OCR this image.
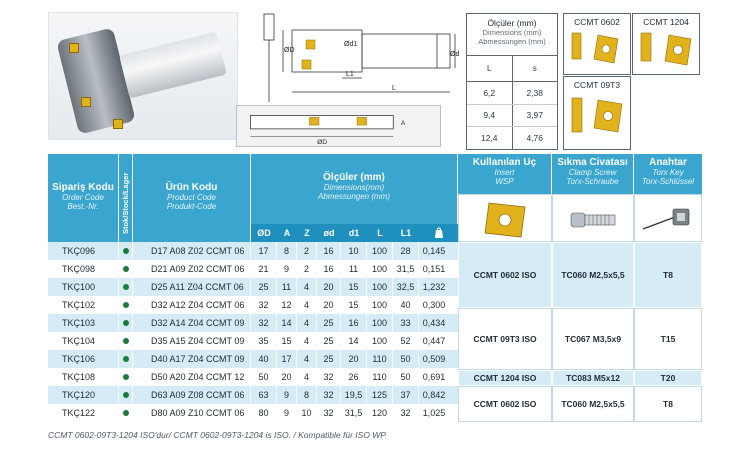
ØD
Ød1
Ød
L1
L
A
ØD
Ölçüler (mm)
Dimensions (mm)
Abmessungen (mm)
L	s
6,2	2,38
9,4	3,97
12,4	4,76
CCMT 0602	CCMT 1204
CCMT 09T3
Sipariş Kodu
Order Code
Best.-Nr.	Stok/Stock/Lager	Ürün Kodu
Product Code
Produkt-Code
Ölçüler (mm)
Dimensions(mm)
Abmessungen (mm)
Kullanılan Uç
Insert
WSP
Sıkma Civatası
Clamp Screw
Torx-Schraube
Anahtar
Torx Key
Torx-Schlüssel
ØD	A	Z	ød	d1	L	L1
TKÇ096	D17 A08 Z02 CCMT 06	17	8	2	16	10	100	28	0,145
TKÇ098	D21 A09 Z02 CCMT 06	21	9	2	16	11	100	31,5 0,151
TKÇ100	D25 A11 Z04 CCMT 06	25	11	4	20	15	100	32,5 1,232
TKÇ102	D32 A12 Z04 CCMT 06	32	12	4	20	15	100	40	0,300
TKÇ103	D32 A14 Z04 CCMT 09	32	14	4	25	16	100	33	0,434
TKÇ104	D35 A15 Z04 CCMT 09	35	15	4	25	14	100	52	0,447
TKÇ106	D40 A17 Z04 CCMT 09	40	17	4	25	20	110	50	0,509
TKÇ108	D50 A20 Z04 CCMT 12	50	20	4	32	26	110	50	0,691
TKÇ120	D63 A09 Z08 CCMT 06	63	9	8	32	19,5	125	37	0,842
TKÇ122	D80 A09 Z10 CCMT 06	80	9	10	32	31,5	120	32	1,025
CCMT 0602 ISO	TC060 M2,5x5,5	T8
CCMT 09T3 ISO	TC067 M3,5x9	T15
CCMT 1204 ISO	TC083 M5x12	T20
CCMT 0602 ISO	TC060 M2,5x5,5	T8
CCMT 0602-09T3-1204 ISO'dur/ CCMT 0602-09T3-1204 is ISO. / Kompatible für ISO WP
